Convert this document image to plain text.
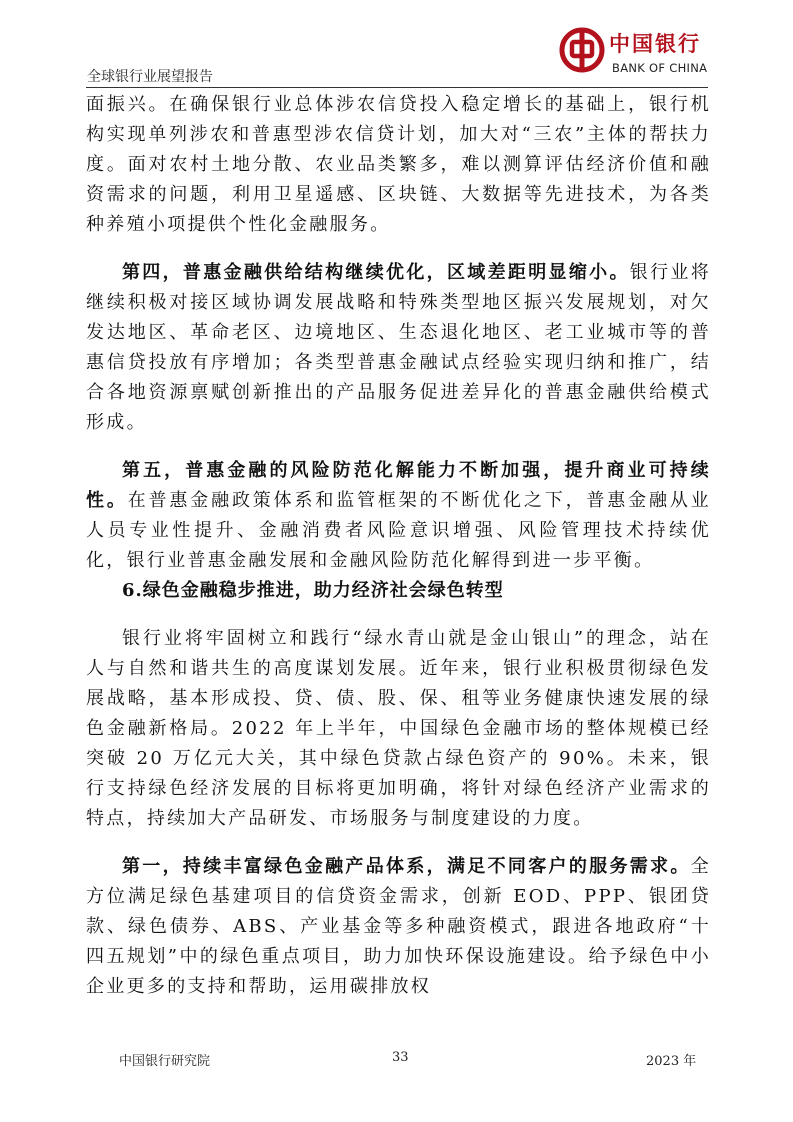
中国银行
BANK OF CHINA
全球银行业展望报告

面振兴。在确保银行业总体涉农信贷投入稳定增长的基础上，银行机构实现单列涉农和普惠型涉农信贷计划，加大对“三农”主体的帮扶力度。面对农村土地分散、农业品类繁多，难以测算评估经济价值和融资需求的问题，利用卫星遥感、区块链、大数据等先进技术，为各类种养殖小项提供个性化金融服务。

第四，普惠金融供给结构继续优化，区域差距明显缩小。银行业将继续积极对接区域协调发展战略和特殊类型地区振兴发展规划，对欠发达地区、革命老区、边境地区、生态退化地区、老工业城市等的普惠信贷投放有序增加；各类型普惠金融试点经验实现归纳和推广，结合各地资源禀赋创新推出的产品服务促进差异化的普惠金融供给模式形成。

第五，普惠金融的风险防范化解能力不断加强，提升商业可持续性。在普惠金融政策体系和监管框架的不断优化之下，普惠金融从业人员专业性提升、金融消费者风险意识增强、风险管理技术持续优化，银行业普惠金融发展和金融风险防范化解得到进一步平衡。

6.绿色金融稳步推进，助力经济社会绿色转型

银行业将牢固树立和践行“绿水青山就是金山银山”的理念，站在人与自然和谐共生的高度谋划发展。近年来，银行业积极贯彻绿色发展战略，基本形成投、贷、债、股、保、租等业务健康快速发展的绿色金融新格局。2022 年上半年，中国绿色金融市场的整体规模已经突破 20 万亿元大关，其中绿色贷款占绿色资产的 90%。未来，银行支持绿色经济发展的目标将更加明确，将针对绿色经济产业需求的特点，持续加大产品研发、市场服务与制度建设的力度。

第一，持续丰富绿色金融产品体系，满足不同客户的服务需求。全方位满足绿色基建项目的信贷资金需求，创新 EOD、PPP、银团贷款、绿色债券、ABS、产业基金等多种融资模式，跟进各地政府“十四五规划”中的绿色重点项目，助力加快环保设施建设。给予绿色中小企业更多的支持和帮助，运用碳排放权

中国银行研究院	33	2023 年
